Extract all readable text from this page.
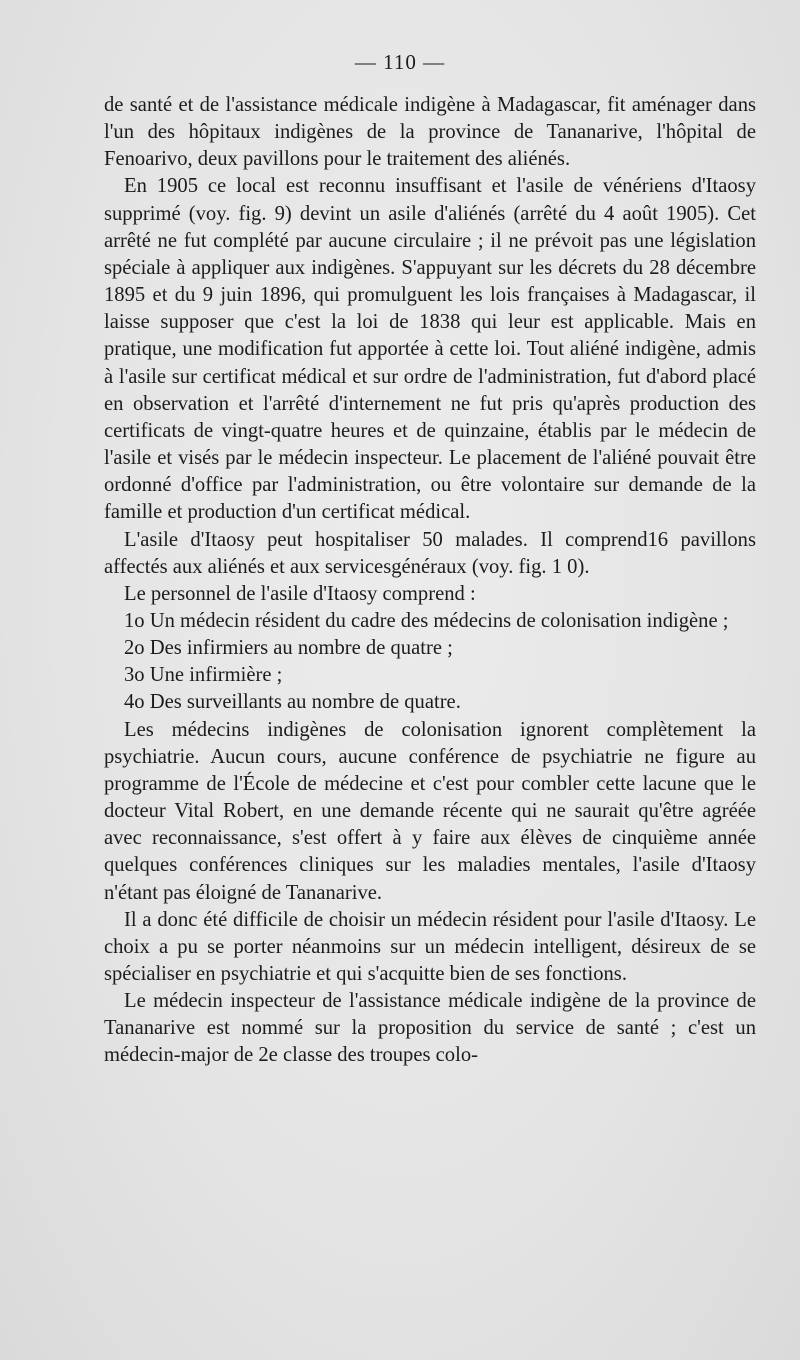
— 110 —

de santé et de l'assistance médicale indigène à Madagascar, fit aménager dans l'un des hôpitaux indigènes de la province de Tananarive, l'hôpital de Fenoarivo, deux pavillons pour le traitement des aliénés.

En 1905 ce local est reconnu insuffisant et l'asile de vénériens d'Itaosy supprimé (voy. fig. 9) devint un asile d'aliénés (arrêté du 4 août 1905). Cet arrêté ne fut complété par aucune circulaire ; il ne prévoit pas une législation spéciale à appliquer aux indigènes. S'appuyant sur les décrets du 28 décembre 1895 et du 9 juin 1896, qui promulguent les lois françaises à Madagascar, il laisse supposer que c'est la loi de 1838 qui leur est applicable. Mais en pratique, une modification fut apportée à cette loi. Tout aliéné indigène, admis à l'asile sur certificat médical et sur ordre de l'administration, fut d'abord placé en observation et l'arrêté d'internement ne fut pris qu'après production des certificats de vingt-quatre heures et de quinzaine, établis par le médecin de l'asile et visés par le médecin inspecteur. Le placement de l'aliéné pouvait être ordonné d'office par l'administration, ou être volontaire sur demande de la famille et production d'un certificat médical.

L'asile d'Itaosy peut hospitaliser 50 malades. Il comprend16 pavillons affectés aux aliénés et aux servicesgénéraux (voy. fig. 1 0).

Le personnel de l'asile d'Itaosy comprend :

1o Un médecin résident du cadre des médecins de colonisation indigène ;

2o Des infirmiers au nombre de quatre ;

3o Une infirmière ;

4o Des surveillants au nombre de quatre.

Les médecins indigènes de colonisation ignorent complètement la psychiatrie. Aucun cours, aucune conférence de psychiatrie ne figure au programme de l'École de médecine et c'est pour combler cette lacune que le docteur Vital Robert, en une demande récente qui ne saurait qu'être agréée avec reconnaissance, s'est offert à y faire aux élèves de cinquième année quelques conférences cliniques sur les maladies mentales, l'asile d'Itaosy n'étant pas éloigné de Tananarive.

Il a donc été difficile de choisir un médecin résident pour l'asile d'Itaosy. Le choix a pu se porter néanmoins sur un médecin intelligent, désireux de se spécialiser en psychiatrie et qui s'acquitte bien de ses fonctions.

Le médecin inspecteur de l'assistance médicale indigène de la province de Tananarive est nommé sur la proposition du service de santé ; c'est un médecin-major de 2e classe des troupes colo-
